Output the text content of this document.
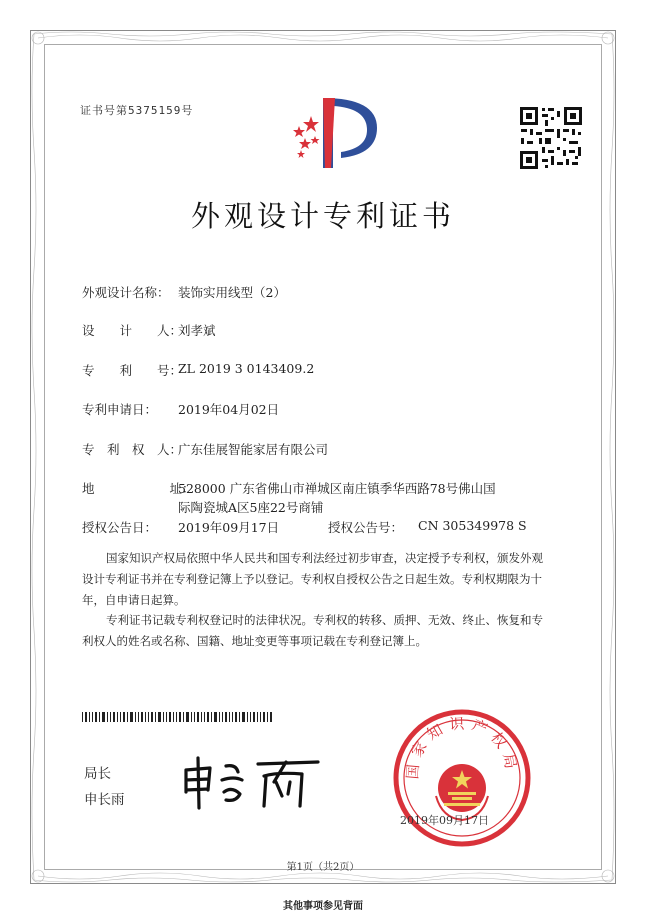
证书号第5375159号
外观设计专利证书
外观设计名称： 装饰实用线型（2）
设　　计　　人：
刘孝斌
专　　利　　号：
ZL 2019 3 0143409.2
专利申请日： 2019年04月02日
专　利　权　人：
广东佳展智能家居有限公司
地　　　　　　址：
528000 广东省佛山市禅城区南庄镇季华西路78号佛山国
际陶瓷城A区5座22号商铺
授权公告日： 2019年09月17日	授权公告号： CN 305349978 S
国家知识产权局依照中华人民共和国专利法经过初步审查，决定授予专利权，颁发外观
设计专利证书并在专利登记簿上予以登记。专利权自授权公告之日起生效。专利权期限为十
年，自申请日起算。
专利证书记载专利权登记时的法律状况。专利权的转移、质押、无效、终止、恢复和专
利权人的姓名或名称、国籍、地址变更等事项记载在专利登记簿上。
局长
申长雨
国家知识产权局
2019年09月17日
第1页（共2页）
其他事项参见背面
